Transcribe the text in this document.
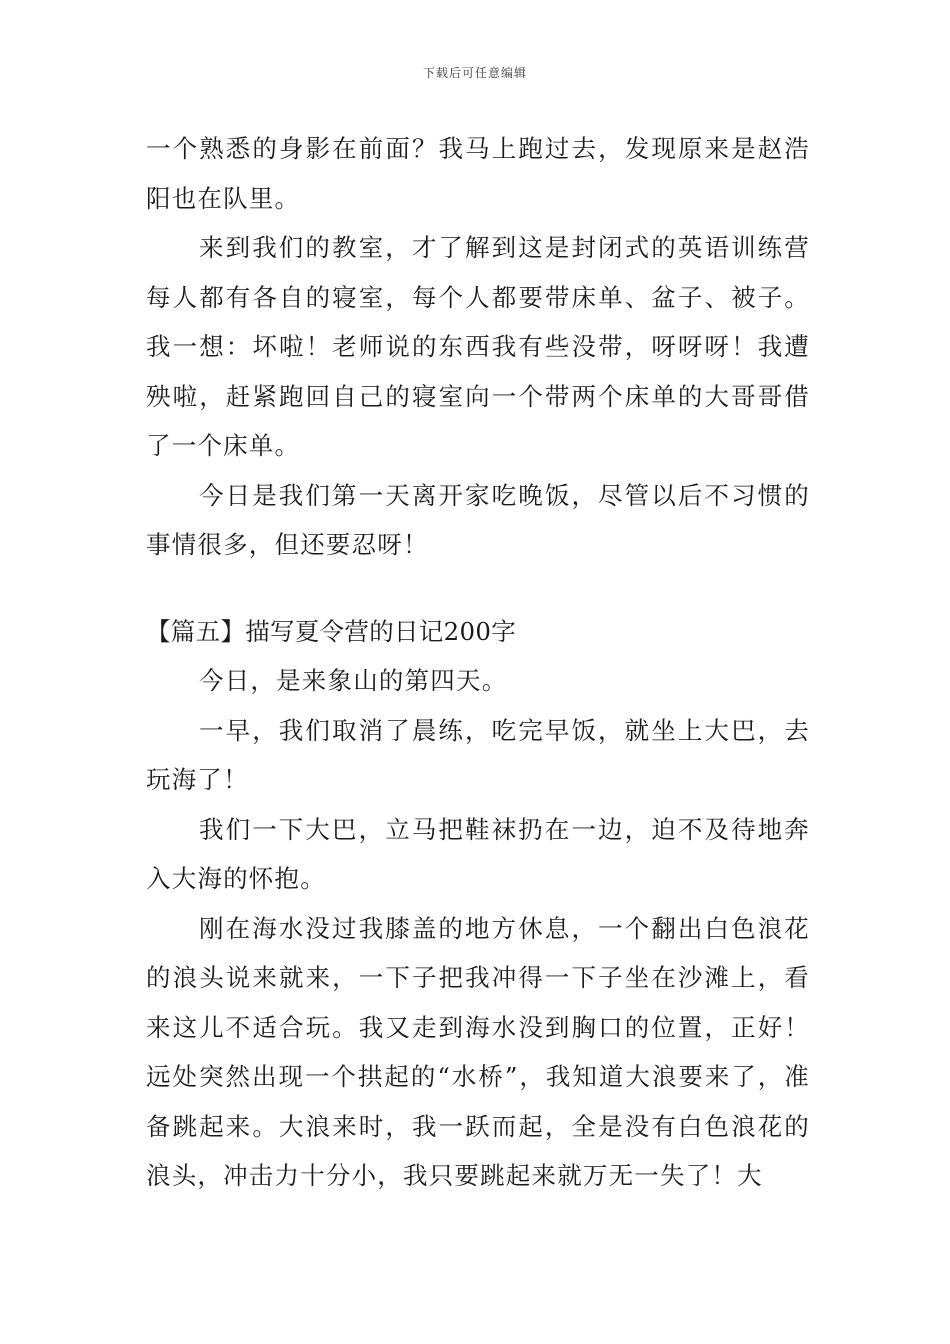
下载后可任意编辑

一个熟悉的身影在前面？我马上跑过去，发现原来是赵浩阳也在队里。

来到我们的教室，才了解到这是封闭式的英语训练营每人都有各自的寝室，每个人都要带床单、盆子、被子。我一想：坏啦！老师说的东西我有些没带，呀呀呀！我遭殃啦，赶紧跑回自己的寝室向一个带两个床单的大哥哥借了一个床单。

今日是我们第一天离开家吃晚饭，尽管以后不习惯的事情很多，但还要忍呀！

【篇五】描写夏令营的日记200字

今日，是来象山的第四天。

一早，我们取消了晨练，吃完早饭，就坐上大巴，去玩海了！

我们一下大巴，立马把鞋袜扔在一边，迫不及待地奔入大海的怀抱。

刚在海水没过我膝盖的地方休息，一个翻出白色浪花的浪头说来就来，一下子把我冲得一下子坐在沙滩上，看来这儿不适合玩。我又走到海水没到胸口的位置，正好！远处突然出现一个拱起的“水桥”，我知道大浪要来了，准备跳起来。大浪来时，我一跃而起，全是没有白色浪花的浪头，冲击力十分小，我只要跳起来就万无一失了！大
